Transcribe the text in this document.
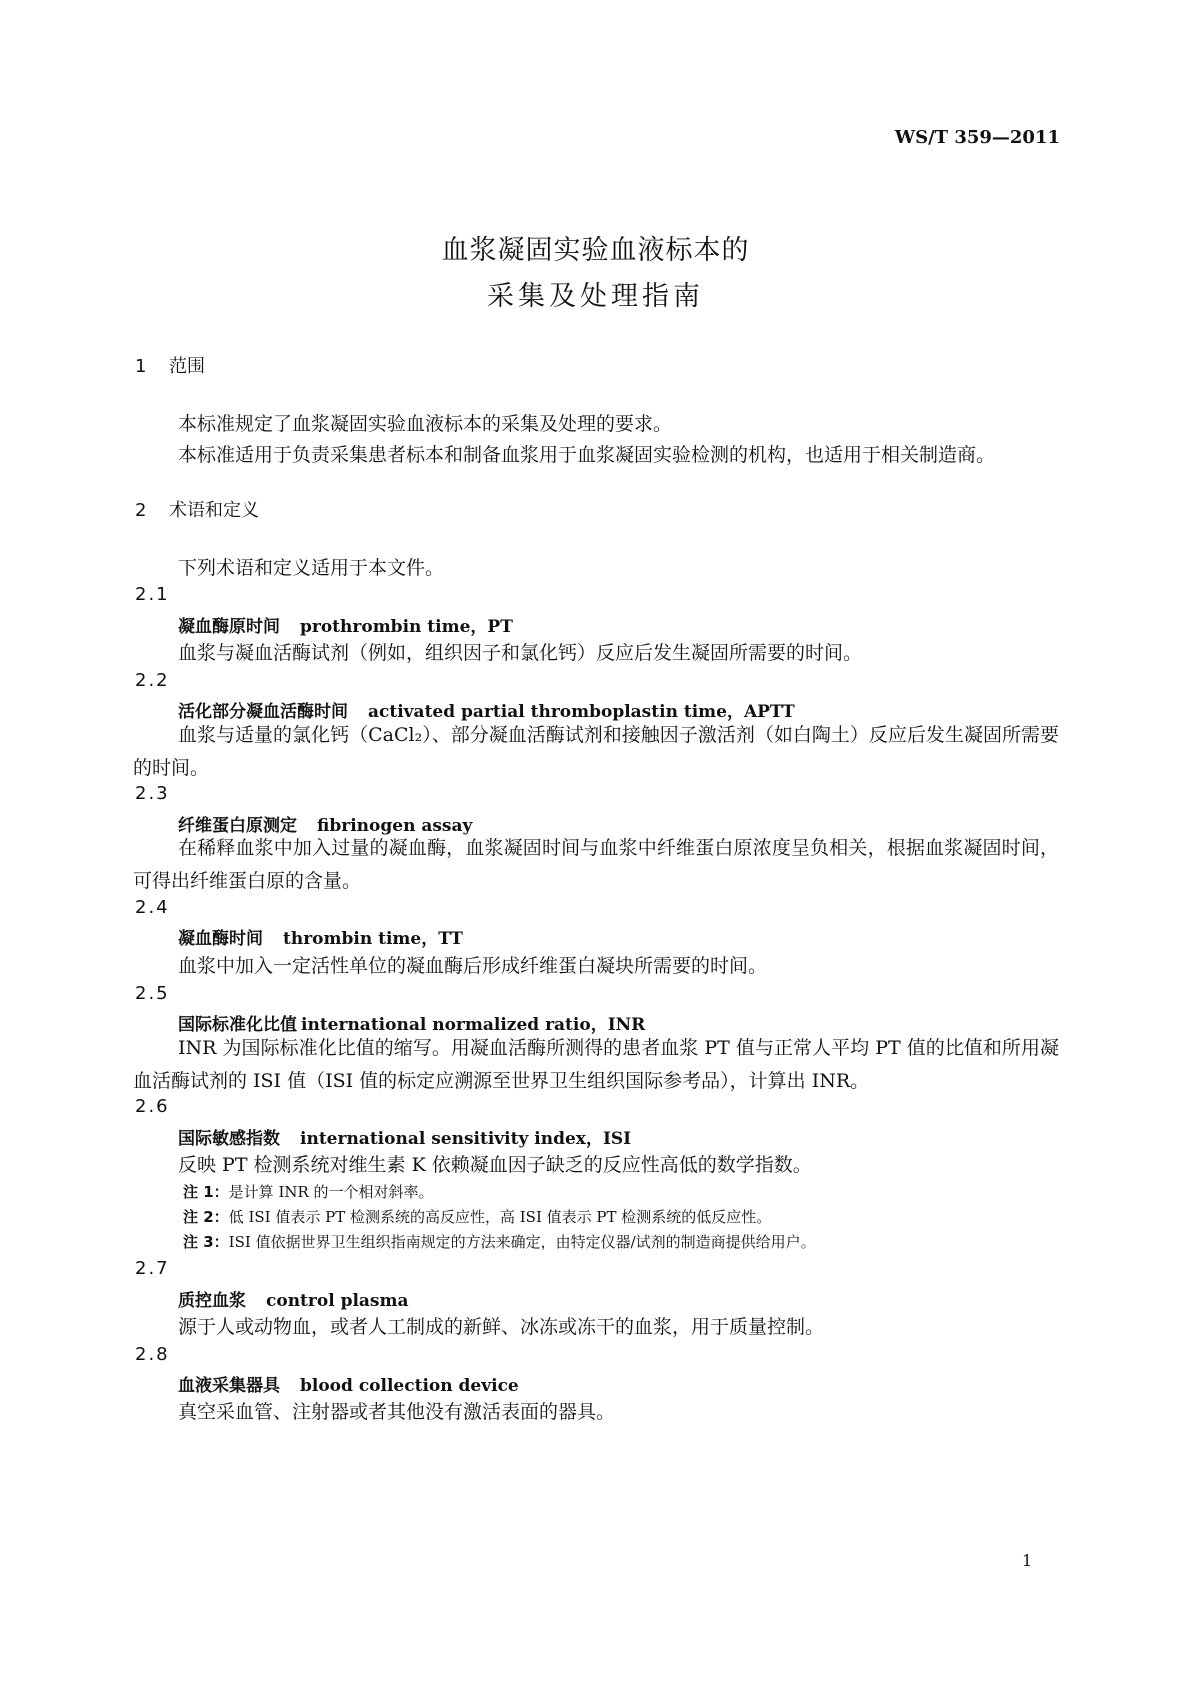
WS/T 359—2011
血浆凝固实验血液标本的
采集及处理指南
1 范围
本标准规定了血浆凝固实验血液标本的采集及处理的要求。
本标准适用于负责采集患者标本和制备血浆用于血浆凝固实验检测的机构，也适用于相关制造商。
2 术语和定义
下列术语和定义适用于本文件。
2.1
凝血酶原时间 prothrombin time，PT
血浆与凝血活酶试剂（例如，组织因子和氯化钙）反应后发生凝固所需要的时间。
2.2
活化部分凝血活酶时间 activated partial thromboplastin time，APTT
血浆与适量的氯化钙（CaCl₂）、部分凝血活酶试剂和接触因子激活剂（如白陶土）反应后发生凝固所需要的时间。
2.3
纤维蛋白原测定 fibrinogen assay
在稀释血浆中加入过量的凝血酶，血浆凝固时间与血浆中纤维蛋白原浓度呈负相关，根据血浆凝固时间，可得出纤维蛋白原的含量。
2.4
凝血酶时间 thrombin time，TT
血浆中加入一定活性单位的凝血酶后形成纤维蛋白凝块所需要的时间。
2.5
国际标准化比值 international normalized ratio，INR
INR 为国际标准化比值的缩写。用凝血活酶所测得的患者血浆 PT 值与正常人平均 PT 值的比值和所用凝血活酶试剂的 ISI 值（ISI 值的标定应溯源至世界卫生组织国际参考品），计算出 INR。
2.6
国际敏感指数 international sensitivity index，ISI
反映 PT 检测系统对维生素 K 依赖凝血因子缺乏的反应性高低的数学指数。
注 1：是计算 INR 的一个相对斜率。
注 2：低 ISI 值表示 PT 检测系统的高反应性，高 ISI 值表示 PT 检测系统的低反应性。
注 3：ISI 值依据世界卫生组织指南规定的方法来确定，由特定仪器/试剂的制造商提供给用户。
2.7
质控血浆 control plasma
源于人或动物血，或者人工制成的新鲜、冰冻或冻干的血浆，用于质量控制。
2.8
血液采集器具 blood collection device
真空采血管、注射器或者其他没有激活表面的器具。
1
